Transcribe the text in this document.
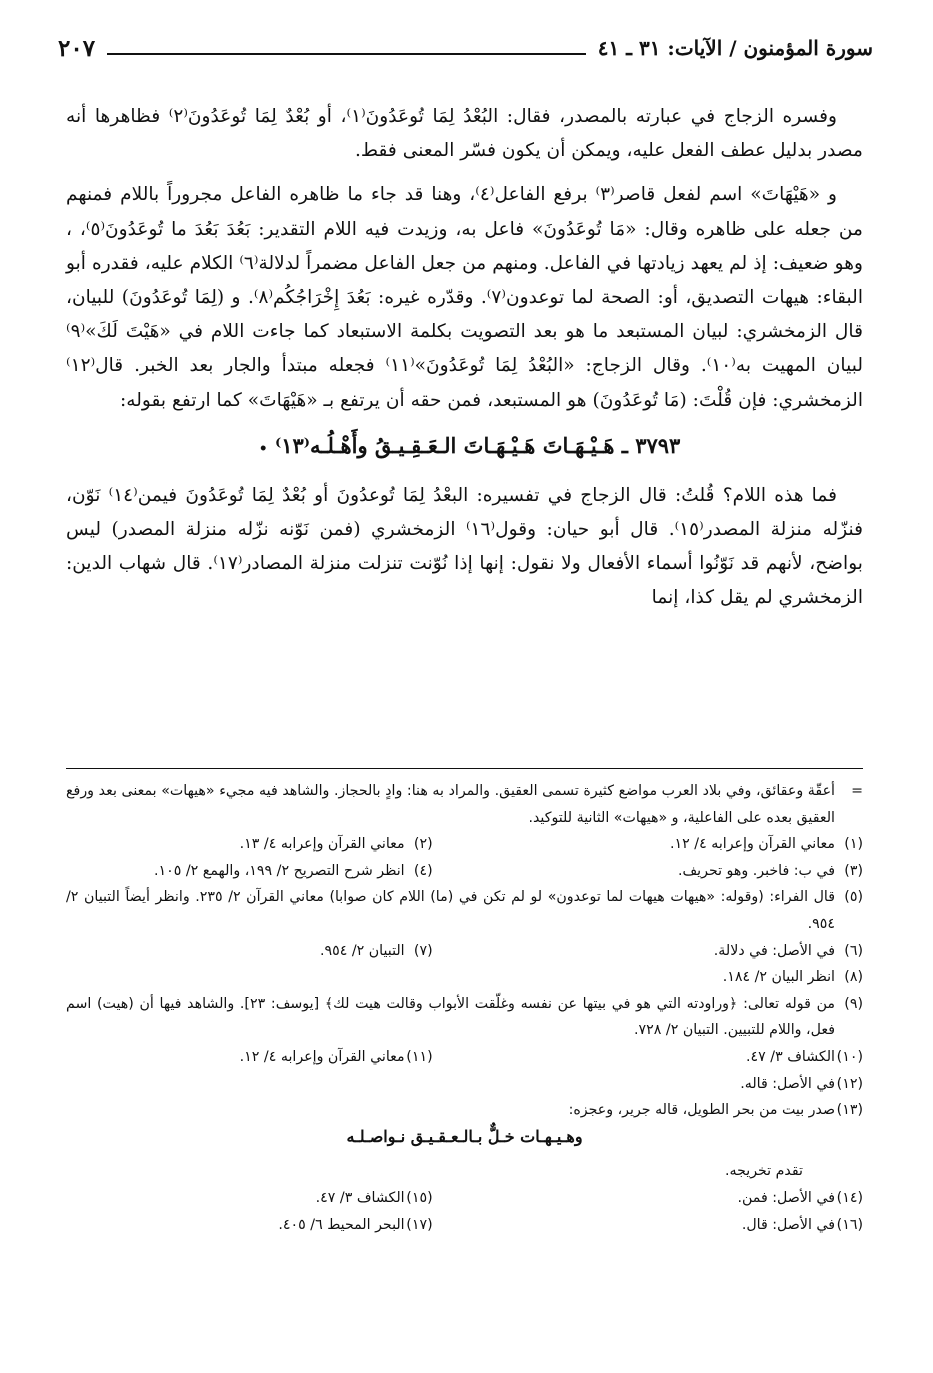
سورة المؤمنون / الآيات: ٣١ ـ ٤١
٢٠٧

وفسره الزجاج في عبارته بالمصدر، فقال: البُعْدُ لِمَا تُوعَدُونَ⁽١⁾، أو بُعْدٌ لِمَا تُوعَدُونَ⁽٢⁾ فظاهرها أنه مصدر بدليل عطف الفعل عليه، ويمكن أن يكون فسّر المعنى فقط.

و «هَيْهَاتَ» اسم لفعل قاصر⁽٣⁾ برفع الفاعل⁽٤⁾، وهنا قد جاء ما ظاهره الفاعل مجروراً باللام فمنهم من جعله على ظاهره وقال: «مَا تُوعَدُونَ» فاعل به، وزيدت فيه اللام التقدير: بَعُدَ بَعُدَ ما تُوعَدُونَ⁽٥⁾، ، وهو ضعيف: إذ لم يعهد زيادتها في الفاعل. ومنهم من جعل الفاعل مضمراً لدلالة⁽٦⁾ الكلام عليه، فقدره أبو البقاء: هيهات التصديق، أو: الصحة لما توعدون⁽٧⁾. وقدّره غيره: بَعُدَ إِخْرَاجُكُم⁽٨⁾. و (لِمَا تُوعَدُونَ) للبيان، قال الزمخشري: لبيان المستبعد ما هو بعد التصويت بكلمة الاستبعاد كما جاءت اللام في «هَيْتَ لَكَ»⁽٩⁾ لبيان المهيت به⁽١٠⁾. وقال الزجاج: «البُعْدُ لِمَا تُوعَدُونَ»⁽١١⁾ فجعله مبتدأ والجار بعد الخبر. قال⁽١٢⁾ الزمخشري: فإن قُلْتَ: (مَا تُوعَدُونَ) هو المستبعد، فمن حقه أن يرتفع بـ «هَيْهَاتَ» كما ارتفع بقوله:

٣٧٩٣ ـ هَـيْـهَـاتَ هَـيْـهَـاتَ الـعَـقِـيـقُ وأَهْـلُـه⁽١٣⁾ •

فما هذه اللام؟ قُلتُ: قال الزجاج في تفسيره: البعْدُ لِمَا تُوعدُونَ أو بُعْدٌ لِمَا تُوعَدُونَ فيمن⁽١٤⁾ نَوّن، فنزّله منزلة المصدر⁽١٥⁾. قال أبو حيان: وقول⁽١٦⁾ الزمخشري (فمن نَوّنه نزّله منزلة المصدر) ليس بواضح، لأنهم قد نَوّنُوا أسماء الأفعال ولا نقول: إنها إذا نُوّنت تنزلت منزلة المصادر⁽١٧⁾. قال شهاب الدين: الزمخشري لم يقل كذا، إنما

=
أعقّة وعقائق، وفي بلاد العرب مواضع كثيرة تسمى العقيق. والمراد به هنا: وادٍ بالحجاز. والشاهد فيه مجيء «هيهات» بمعنى بعد ورفع العقيق بعده على الفاعلية، و «هيهات» الثانية للتوكيد.
(١)
معاني القرآن وإعرابه ٤/ ١٢.
(٢)
معاني القرآن وإعرابه ٤/ ١٣.
(٣)
في ب: فاخبر. وهو تحريف.
(٤)
انظر شرح التصريح ٢/ ١٩٩، والهمع ٢/ ١٠٥.
(٥)
قال الفراء: (وقوله: «هيهات هيهات لما توعدون» لو لم تكن في (ما) اللام كان صوابا) معاني القرآن ٢/ ٢٣٥. وانظر أيضاً التبيان ٢/ ٩٥٤.
(٦)
في الأصل: في دلالة.
(٧)
التبيان ٢/ ٩٥٤.
(٨)
انظر البيان ٢/ ١٨٤.
(٩)
من قوله تعالى: ﴿وراودته التي هو في بيتها عن نفسه وغلّقت الأبواب وقالت هيت لك﴾ [يوسف: ٢٣]. والشاهد فيها أن (هيت) اسم فعل، واللام للتبيين. التبيان ٢/ ٧٢٨.
(١٠)
الكشاف ٣/ ٤٧.
(١١)
معاني القرآن وإعرابه ٤/ ١٢.
(١٢)
في الأصل: قاله.
(١٣)
صدر بيت من بحر الطويل، قاله جرير، وعجزه:
وهـيـهـات خـلٌّ بـالـعـقـيـق نـواصـلـه
تقدم تخريجه.
(١٤)
في الأصل: فمن.
(١٥)
الكشاف ٣/ ٤٧.
(١٦)
في الأصل: قال.
(١٧)
البحر المحيط ٦/ ٤٠٥.
